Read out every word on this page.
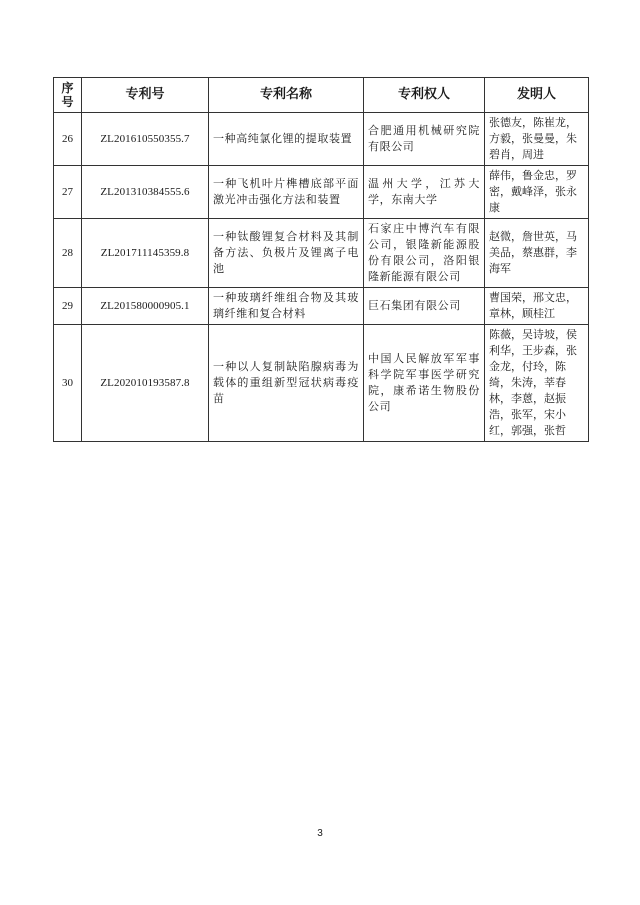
序号	专利号	专利名称	专利权人	发明人
26	ZL201610550355.7	一种高纯氯化锂的提取装置	合肥通用机械研究院有限公司	张德友，陈崔龙，方毅，张曼曼，朱碧肖，周进
27	ZL201310384555.6	一种飞机叶片榫槽底部平面激光冲击强化方法和装置	温州大学，江苏大学，东南大学	薛伟，鲁金忠，罗密，戴峰泽，张永康
28	ZL201711145359.8	一种钛酸锂复合材料及其制备方法、负极片及锂离子电池	石家庄中博汽车有限公司，银隆新能源股份有限公司，洛阳银隆新能源有限公司	赵微，詹世英，马美品，蔡惠群，李海军
29	ZL201580000905.1	一种玻璃纤维组合物及其玻璃纤维和复合材料	巨石集团有限公司	曹国荣，邢文忠，章林，顾桂江
30	ZL202010193587.8	一种以人复制缺陷腺病毒为载体的重组新型冠状病毒疫苗	中国人民解放军军事科学院军事医学研究院，康希诺生物股份公司	陈薇，吴诗坡，侯利华，王步森，张金龙，付玲，陈绮，朱涛，莘春林，李蒽，赵振浩，张军，宋小红，郭强，张哲
3
